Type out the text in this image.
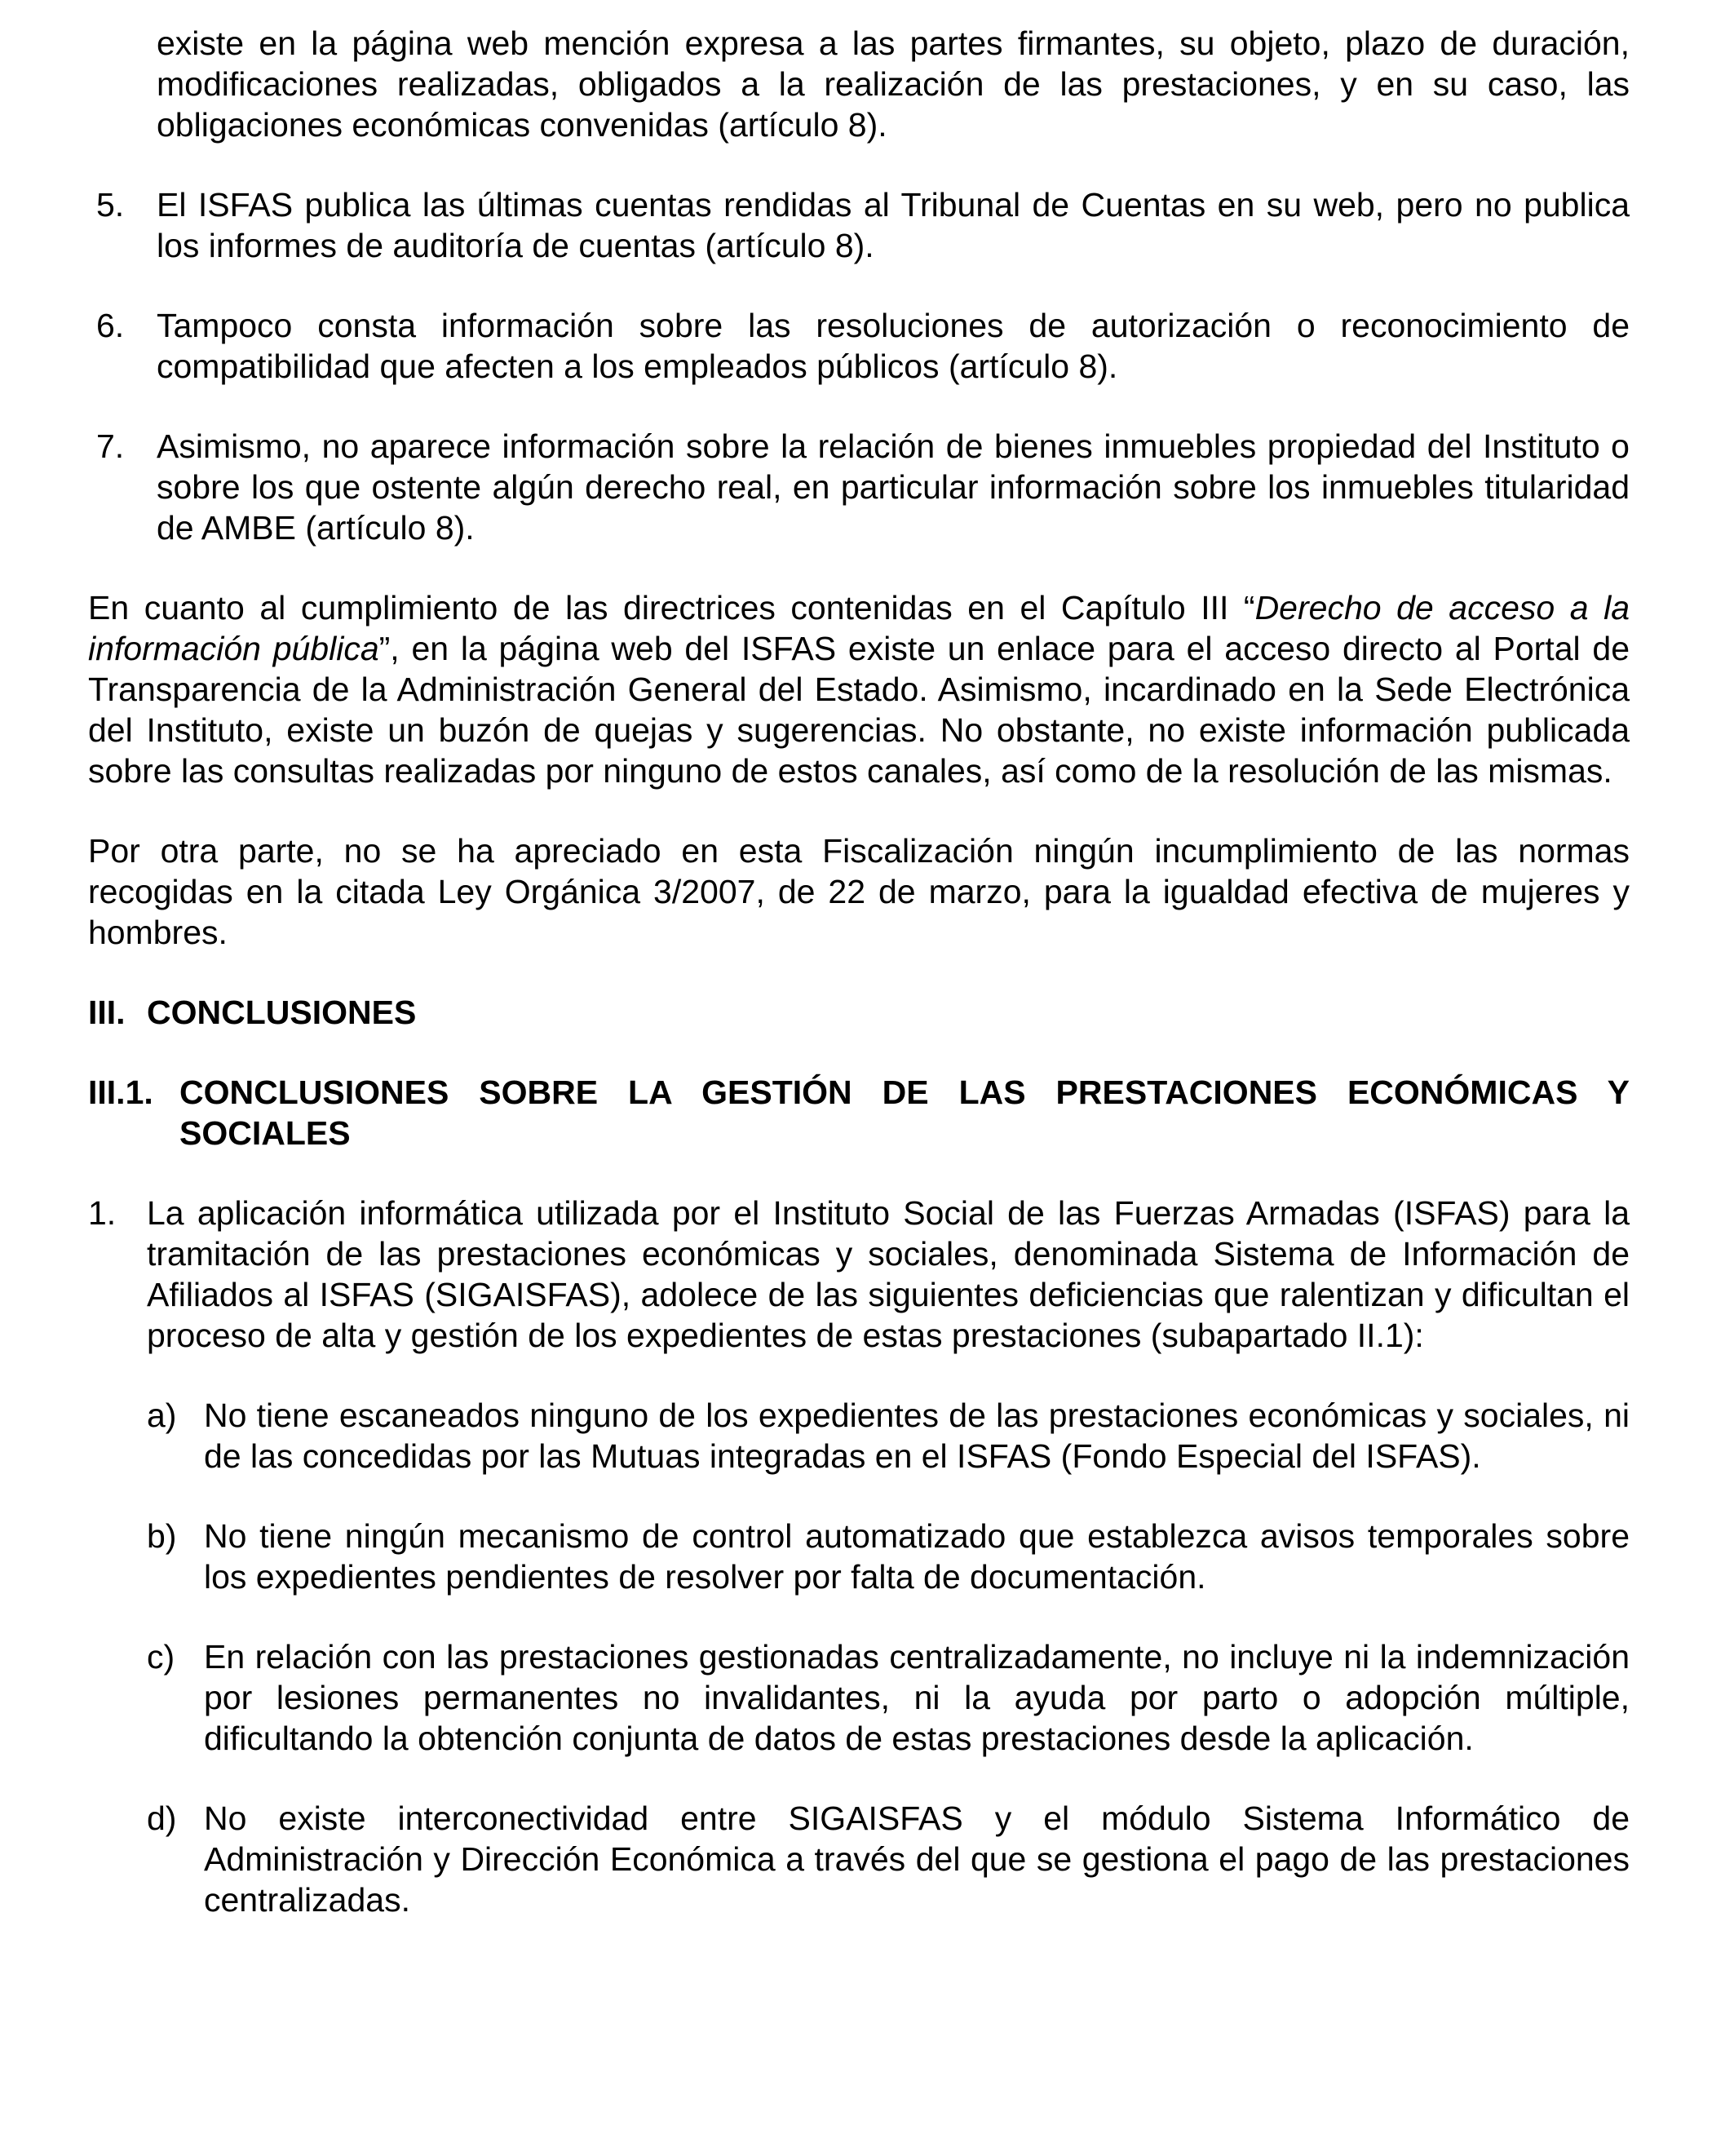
existe en la página web mención expresa a las partes firmantes, su objeto, plazo de duración, modificaciones realizadas, obligados a la realización de las prestaciones, y en su caso, las obligaciones económicas convenidas (artículo 8).

5. El ISFAS publica las últimas cuentas rendidas al Tribunal de Cuentas en su web, pero no publica los informes de auditoría de cuentas (artículo 8).
6. Tampoco consta información sobre las resoluciones de autorización o reconocimiento de compatibilidad que afecten a los empleados públicos (artículo 8).
7. Asimismo, no aparece información sobre la relación de bienes inmuebles propiedad del Instituto o sobre los que ostente algún derecho real, en particular información sobre los inmuebles titularidad de AMBE (artículo 8).

En cuanto al cumplimiento de las directrices contenidas en el Capítulo III “Derecho de acceso a la información pública”, en la página web del ISFAS existe un enlace para el acceso directo al Portal de Transparencia de la Administración General del Estado. Asimismo, incardinado en la Sede Electrónica del Instituto, existe un buzón de quejas y sugerencias. No obstante, no existe información publicada sobre las consultas realizadas por ninguno de estos canales, así como de la resolución de las mismas.

Por otra parte, no se ha apreciado en esta Fiscalización ningún incumplimiento de las normas recogidas en la citada Ley Orgánica 3/2007, de 22 de marzo, para la igualdad efectiva de mujeres y hombres.

III. CONCLUSIONES
III.1. CONCLUSIONES SOBRE LA GESTIÓN DE LAS PRESTACIONES ECONÓMICAS Y SOCIALES
1. La aplicación informática utilizada por el Instituto Social de las Fuerzas Armadas (ISFAS) para la tramitación de las prestaciones económicas y sociales, denominada Sistema de Información de Afiliados al ISFAS (SIGAISFAS), adolece de las siguientes deficiencias que ralentizan y dificultan el proceso de alta y gestión de los expedientes de estas prestaciones (subapartado II.1):
a) No tiene escaneados ninguno de los expedientes de las prestaciones económicas y sociales, ni de las concedidas por las Mutuas integradas en el ISFAS (Fondo Especial del ISFAS).
b) No tiene ningún mecanismo de control automatizado que establezca avisos temporales sobre los expedientes pendientes de resolver por falta de documentación.
c) En relación con las prestaciones gestionadas centralizadamente, no incluye ni la indemnización por lesiones permanentes no invalidantes, ni la ayuda por parto o adopción múltiple, dificultando la obtención conjunta de datos de estas prestaciones desde la aplicación.
d) No existe interconectividad entre SIGAISFAS y el módulo Sistema Informático de Administración y Dirección Económica a través del que se gestiona el pago de las prestaciones centralizadas.
